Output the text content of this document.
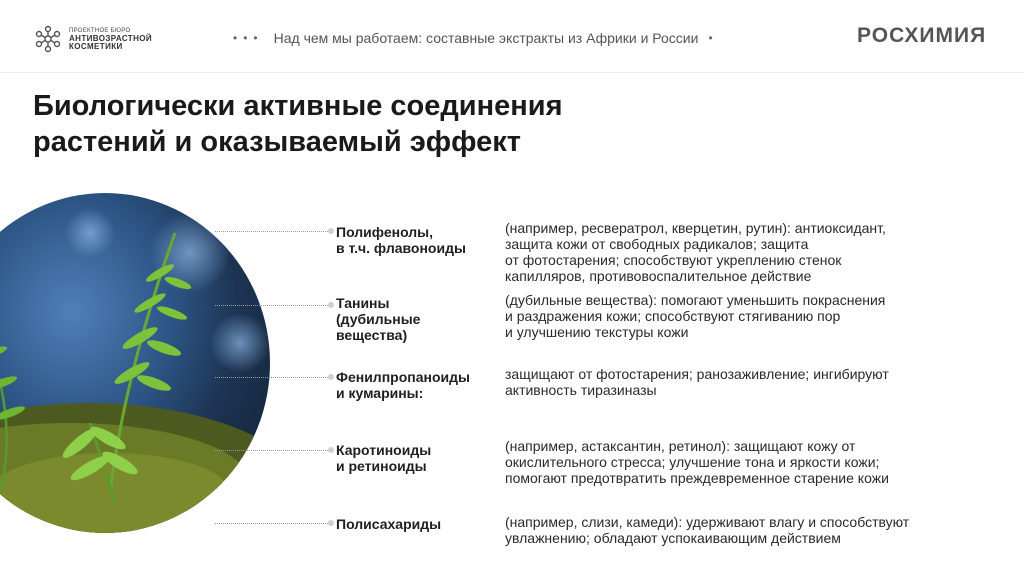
ПРОЕКТНОЕ БЮРО
АНТИВОЗРАСТНОЙ
КОСМЕТИКИ
••• Над чем мы работаем: составные экстракты из Африки и России •	РОСХИМИЯ
Биологически активные соединения
растений и оказываемый эффект
Полифенолы,
в т.ч. флавоноиды
(например, ресвератрол, кверцетин, рутин): антиоксидант,
защита кожи от свободных радикалов; защита
от фотостарения; способствуют укреплению стенок
капилляров, противовоспалительное действие
Танины
(дубильные
вещества)
(дубильные вещества): помогают уменьшить покраснения
и раздражения кожи; способствуют стягиванию пор
и улучшению текстуры кожи
Фенилпропаноиды
и кумарины:
защищают от фотостарения; ранозаживление; ингибируют
активность тиразиназы
Каротиноиды
и ретиноиды
(например, астаксантин, ретинол): защищают кожу от
окислительного стресса; улучшение тона и яркости кожи;
помогают предотвратить преждевременное старение кожи
Полисахариды	(например, слизи, камеди): удерживают влагу и способствуют
увлажнению; обладают успокаивающим действием
